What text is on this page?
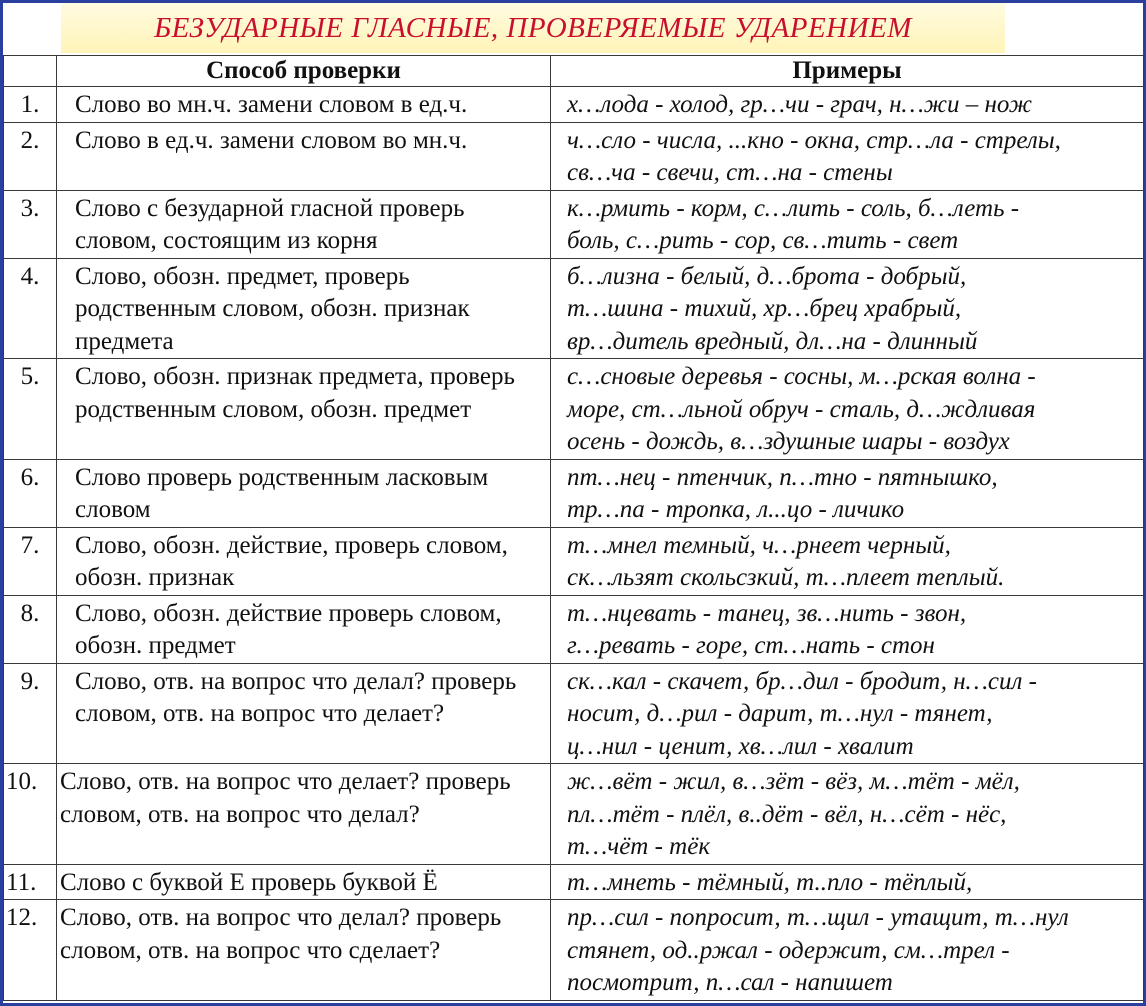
БЕЗУДАРНЫЕ ГЛАСНЫЕ, ПРОВЕРЯЕМЫЕ УДАРЕНИЕМ
	Способ проверки	Примеры
1.	Слово во мн.ч. замени словом в ед.ч.	х…лода - холод, гр…чи - грач, н…жи – нож
2.	Слово в ед.ч. замени словом во мн.ч.	ч…сло - числа, ...кно - окна, стр…ла - стрелы,
св…ча - свечи, ст…на - стены
3.	Слово с безударной гласной проверь словом, состоящим из корня	к…рмить - корм, с…лить - соль, б…леть -
боль, с…рить - сор, св…тить - свет
4.	Слово, обозн. предмет, проверь родственным словом, обозн. признак предмета	б…лизна - белый, д…брота - добрый,
т…шина - тихий, хр…брец храбрый,
вр…дитель вредный, дл…на - длинный
5.	Слово, обозн. признак предмета, проверь родственным словом, обозн. предмет	с…сновые деревья - сосны, м…рская волна -
море, ст…льной обруч - сталь, д…ждливая
осень - дождь, в…здушные шары - воздух
6.	Слово проверь родственным ласковым словом	пт…нец - птенчик, п…тно - пятнышко,
тр…па - тропка, л...цо - личико
7.	Слово, обозн. действие, проверь словом, обозн. признак	т…мнел темный, ч…рнеет черный,
ск…льзят скольсзкий, т…плеет теплый.
8.	Слово, обозн. действие проверь словом, обозн. предмет	т…нцевать - танец, зв…нить - звон,
г…ревать - горе, ст…нать - стон
9.	Слово, отв. на вопрос что делал? проверь словом, отв. на вопрос что делает?	ск…кал - скачет, бр…дил - бродит, н…сил -
носит, д…рил - дарит, т…нул - тянет,
ц…нил - ценит, хв…лил - хвалит
10.	Слово, отв. на вопрос что делает? проверь словом, отв. на вопрос что делал?	ж…вёт - жил, в…зёт - вёз, м…тёт - мёл,
пл…тёт - плёл, в..дёт - вёл, н…сёт - нёс,
т…чёт - тёк
11.	Слово с буквой Е проверь буквой Ё	т…мнеть - тёмный, т..пло - тёплый,
12.	Слово, отв. на вопрос что делал? проверь словом, отв. на вопрос что сделает?	пр…сил - попросит, т…щил - утащит, т…нул
стянет, од..ржал - одержит, см…трел -
посмотрит, п…сал - напишет
